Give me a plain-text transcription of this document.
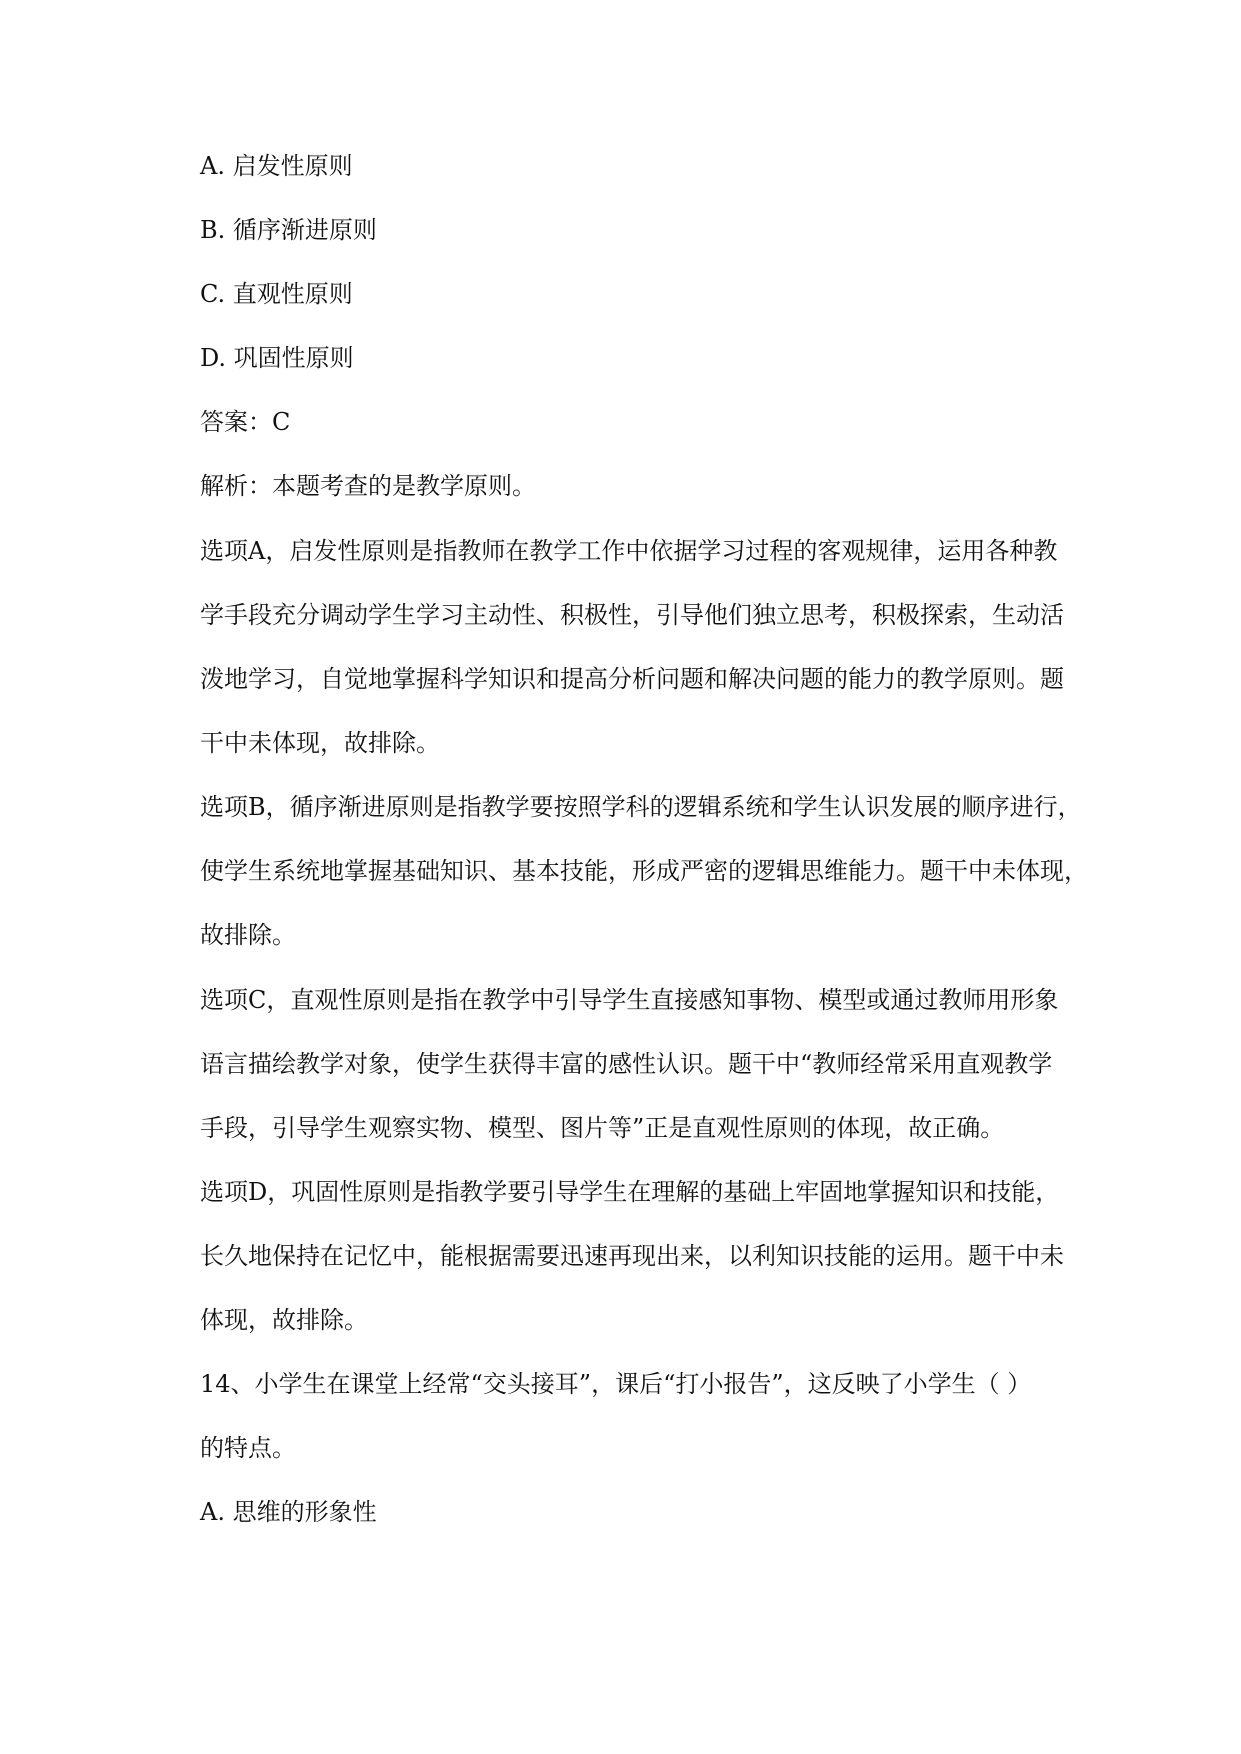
A. 启发性原则
B. 循序渐进原则
C. 直观性原则
D. 巩固性原则
答案：C
解析：本题考查的是教学原则。
选项A，启发性原则是指教师在教学工作中依据学习过程的客观规律，运用各种教
学手段充分调动学生学习主动性、积极性，引导他们独立思考，积极探索，生动活
泼地学习，自觉地掌握科学知识和提高分析问题和解决问题的能力的教学原则。题
干中未体现，故排除。
选项B，循序渐进原则是指教学要按照学科的逻辑系统和学生认识发展的顺序进行，
使学生系统地掌握基础知识、基本技能，形成严密的逻辑思维能力。题干中未体现，
故排除。
选项C，直观性原则是指在教学中引导学生直接感知事物、模型或通过教师用形象
语言描绘教学对象，使学生获得丰富的感性认识。题干中“教师经常采用直观教学
手段，引导学生观察实物、模型、图片等”正是直观性原则的体现，故正确。
选项D，巩固性原则是指教学要引导学生在理解的基础上牢固地掌握知识和技能，
长久地保持在记忆中，能根据需要迅速再现出来，以利知识技能的运用。题干中未
体现，故排除。
14、小学生在课堂上经常“交头接耳”，课后“打小报告”，这反映了小学生（ ）
的特点。
A. 思维的形象性
